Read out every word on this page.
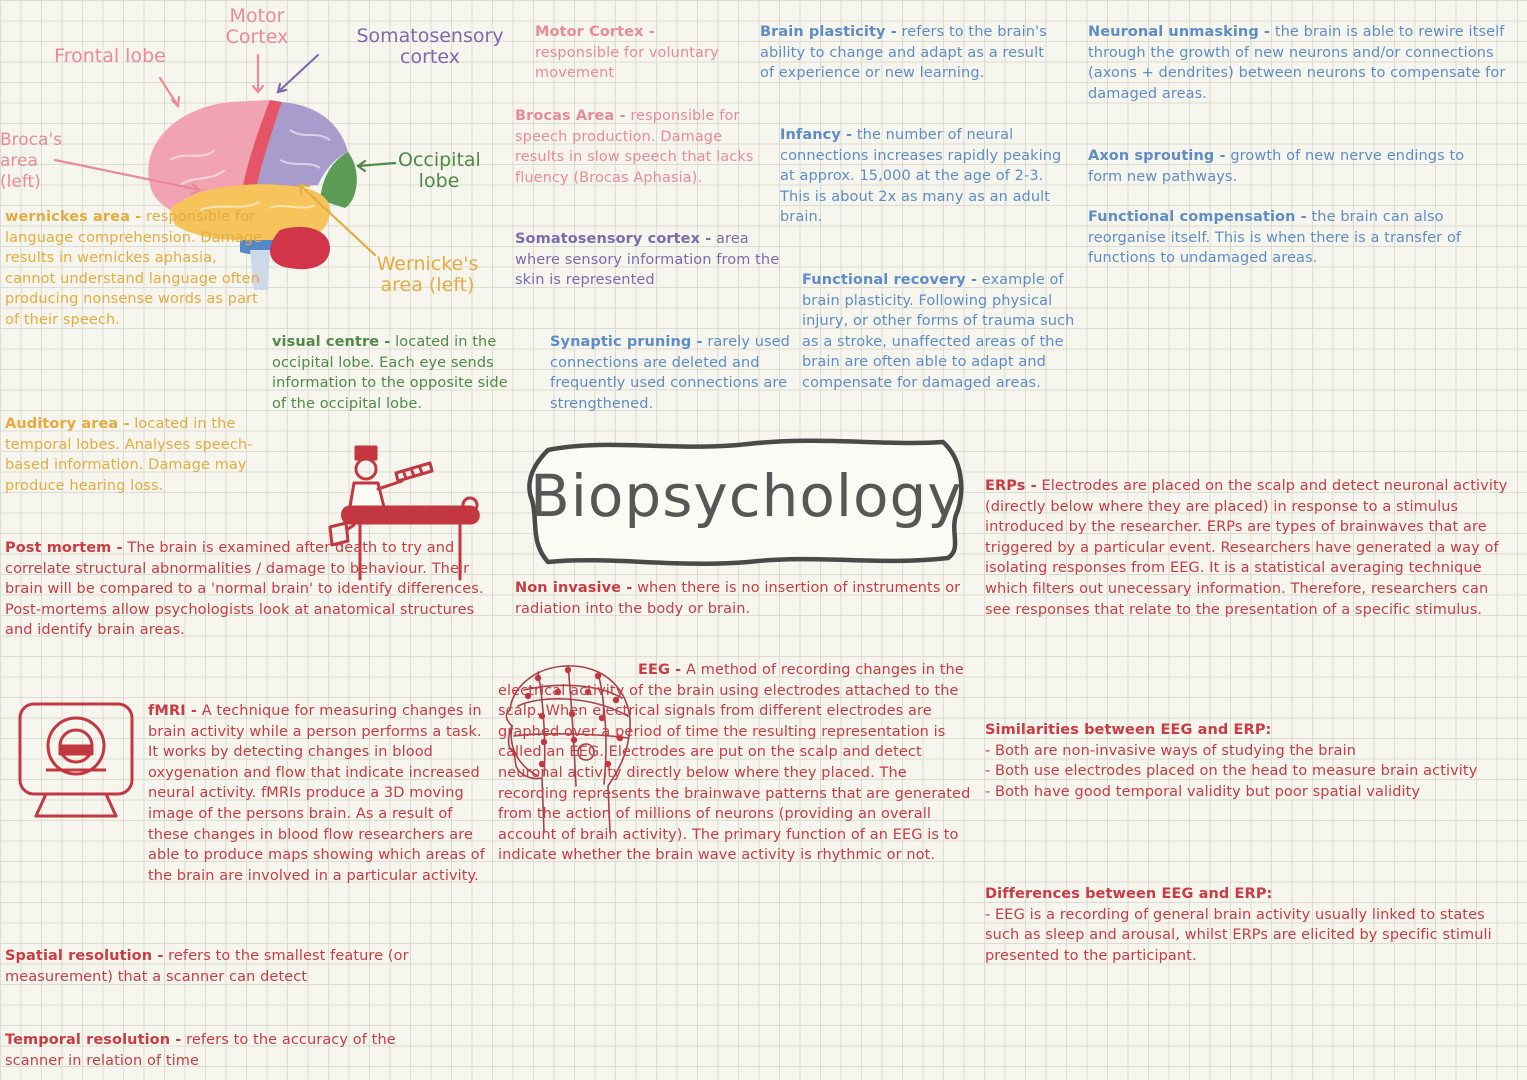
Frontal lobe
Motor Cortex	Somatosensory cortex
Broca's area (left)
Occipital lobe
Wernicke's area (left)
wernickes area - responsible for language comprehension. Damage results in wernickes aphasia, cannot understand language often producing nonsense words as part of their speech.
Auditory area - located in the temporal lobes. Analyses speech-based information. Damage may produce hearing loss.
visual centre - located in the occipital lobe. Each eye sends information to the opposite side of the occipital lobe.
Motor Cortex - responsible for voluntary movement
Brocas Area - responsible for speech production. Damage results in slow speech that lacks fluency (Brocas Aphasia).
Somatosensory cortex - area where sensory information from the skin is represented
Synaptic pruning - rarely used connections are deleted and frequently used connections are strengthened.
Brain plasticity - refers to the brain's ability to change and adapt as a result of experience or new learning.
Infancy - the number of neural connections increases rapidly peaking at approx. 15,000 at the age of 2-3. This is about 2x as many as an adult brain.
Functional recovery - example of brain plasticity. Following physical injury, or other forms of trauma such as a stroke, unaffected areas of the brain are often able to adapt and compensate for damaged areas.
Neuronal unmasking - the brain is able to rewire itself through the growth of new neurons and/or connections (axons + dendrites) between neurons to compensate for damaged areas.
Axon sprouting - growth of new nerve endings to form new pathways.
Functional compensation - the brain can also reorganise itself. This is when there is a transfer of functions to undamaged areas.
Biopsychology
Post mortem - The brain is examined after death to try and correlate structural abnormalities / damage to behaviour. Their brain will be compared to a 'normal brain' to identify differences. Post-mortems allow psychologists look at anatomical structures and identify brain areas.
fMRI - A technique for measuring changes in brain activity while a person performs a task. It works by detecting changes in blood oxygenation and flow that indicate increased neural activity. fMRIs produce a 3D moving image of the persons brain. As a result of these changes in blood flow researchers are able to produce maps showing which areas of the brain are involved in a particular activity.
Spatial resolution - refers to the smallest feature (or measurement) that a scanner can detect
Temporal resolution - refers to the accuracy of the scanner in relation of time
Non invasive - when there is no insertion of instruments or radiation into the body or brain.
EEG - A method of recording changes in the electrical activity of the brain using electrodes attached to the scalp. When electrical signals from different electrodes are graphed over a period of time the resulting representation is called an EEG. Electrodes are put on the scalp and detect neuronal activity directly below where they placed. The recording represents the brainwave patterns that are generated from the action of millions of neurons (providing an overall account of brain activity). The primary function of an EEG is to indicate whether the brain wave activity is rhythmic or not.
ERPs - Electrodes are placed on the scalp and detect neuronal activity (directly below where they are placed) in response to a stimulus introduced by the researcher. ERPs are types of brainwaves that are triggered by a particular event. Researchers have generated a way of isolating responses from EEG. It is a statistical averaging technique which filters out unecessary information. Therefore, researchers can see responses that relate to the presentation of a specific stimulus.
Similarities between EEG and ERP:
- Both are non-invasive ways of studying the brain
- Both use electrodes placed on the head to measure brain activity
- Both have good temporal validity but poor spatial validity
Differences between EEG and ERP:
- EEG is a recording of general brain activity usually linked to states such as sleep and arousal, whilst ERPs are elicited by specific stimuli presented to the participant.
